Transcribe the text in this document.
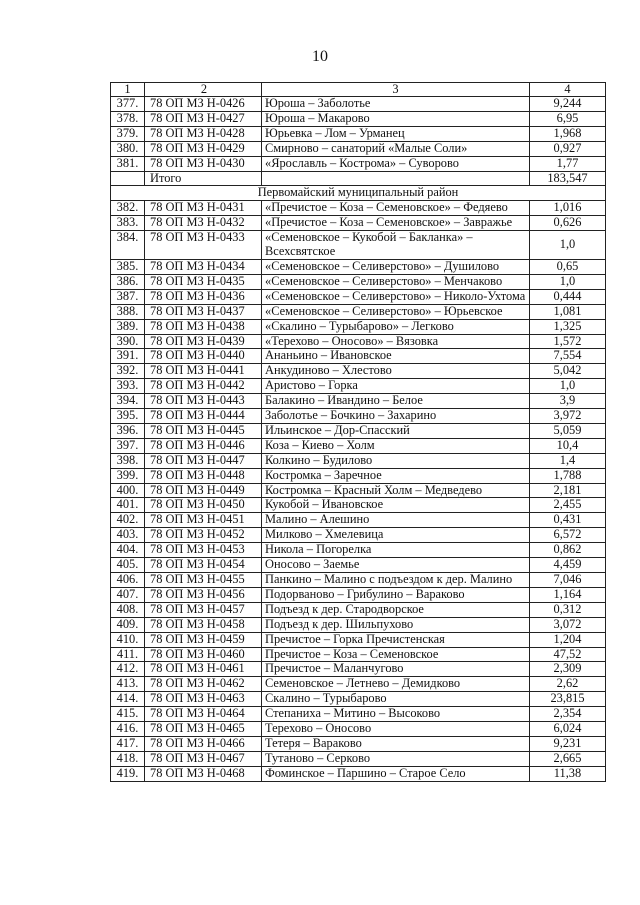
10
1	2	3	4
377.	78 ОП МЗ Н-0426	Юроша – Заболотье	9,244
378.	78 ОП МЗ Н-0427	Юроша – Макарово	6,95
379.	78 ОП МЗ Н-0428	Юрьевка – Лом – Урманец	1,968
380.	78 ОП МЗ Н-0429	Смирново – санаторий «Малые Соли»	0,927
381.	78 ОП МЗ Н-0430	«Ярославль – Кострома» – Суворово	1,77
	Итого		183,547
Первомайский муниципальный район			
382.	78 ОП МЗ Н-0431	«Пречистое – Коза – Семеновское» – Федяево	1,016
383.	78 ОП МЗ Н-0432	«Пречистое – Коза – Семеновское» – Завражье	0,626
384.	78 ОП МЗ Н-0433	«Семеновское – Кукобой – Бакланка» – Всехсвятское	1,0
385.	78 ОП МЗ Н-0434	«Семеновское – Селиверстово» – Душилово	0,65
386.	78 ОП МЗ Н-0435	«Семеновское – Селиверстово» – Менчаково	1,0
387.	78 ОП МЗ Н-0436	«Семеновское – Селиверстово» – Николо-Ухтома	0,444
388.	78 ОП МЗ Н-0437	«Семеновское – Селиверстово» – Юрьевское	1,081
389.	78 ОП МЗ Н-0438	«Скалино – Турыбарово» – Легково	1,325
390.	78 ОП МЗ Н-0439	«Терехово – Оносово» – Вязовка	1,572
391.	78 ОП МЗ Н-0440	Ананьино – Ивановское	7,554
392.	78 ОП МЗ Н-0441	Анкудиново – Хлестово	5,042
393.	78 ОП МЗ Н-0442	Аристово – Горка	1,0
394.	78 ОП МЗ Н-0443	Балакино – Ивандино – Белое	3,9
395.	78 ОП МЗ Н-0444	Заболотье – Бочкино – Захарино	3,972
396.	78 ОП МЗ Н-0445	Ильинское – Дор-Спасский	5,059
397.	78 ОП МЗ Н-0446	Коза – Киево – Холм	10,4
398.	78 ОП МЗ Н-0447	Колкино – Будилово	1,4
399.	78 ОП МЗ Н-0448	Костромка – Заречное	1,788
400.	78 ОП МЗ Н-0449	Костромка – Красный Холм – Медведево	2,181
401.	78 ОП МЗ Н-0450	Кукобой – Ивановское	2,455
402.	78 ОП МЗ Н-0451	Малино – Алешино	0,431
403.	78 ОП МЗ Н-0452	Милково – Хмелевица	6,572
404.	78 ОП МЗ Н-0453	Никола – Погорелка	0,862
405.	78 ОП МЗ Н-0454	Оносово – Заемье	4,459
406.	78 ОП МЗ Н-0455	Панкино – Малино с подъездом к дер. Малино	7,046
407.	78 ОП МЗ Н-0456	Подорваново – Грибулино – Вараково	1,164
408.	78 ОП МЗ Н-0457	Подъезд к дер. Стародворское	0,312
409.	78 ОП МЗ Н-0458	Подъезд к дер. Шильпухово	3,072
410.	78 ОП МЗ Н-0459	Пречистое – Горка Пречистенская	1,204
411.	78 ОП МЗ Н-0460	Пречистое – Коза – Семеновское	47,52
412.	78 ОП МЗ Н-0461	Пречистое – Маланчугово	2,309
413.	78 ОП МЗ Н-0462	Семеновское – Летнево – Демидково	2,62
414.	78 ОП МЗ Н-0463	Скалино – Турыбарово	23,815
415.	78 ОП МЗ Н-0464	Степаниха – Митино – Высоково	2,354
416.	78 ОП МЗ Н-0465	Терехово – Оносово	6,024
417.	78 ОП МЗ Н-0466	Тетеря – Вараково	9,231
418.	78 ОП МЗ Н-0467	Тутаново – Серково	2,665
419.	78 ОП МЗ Н-0468	Фоминское – Паршино – Старое Село	11,38
